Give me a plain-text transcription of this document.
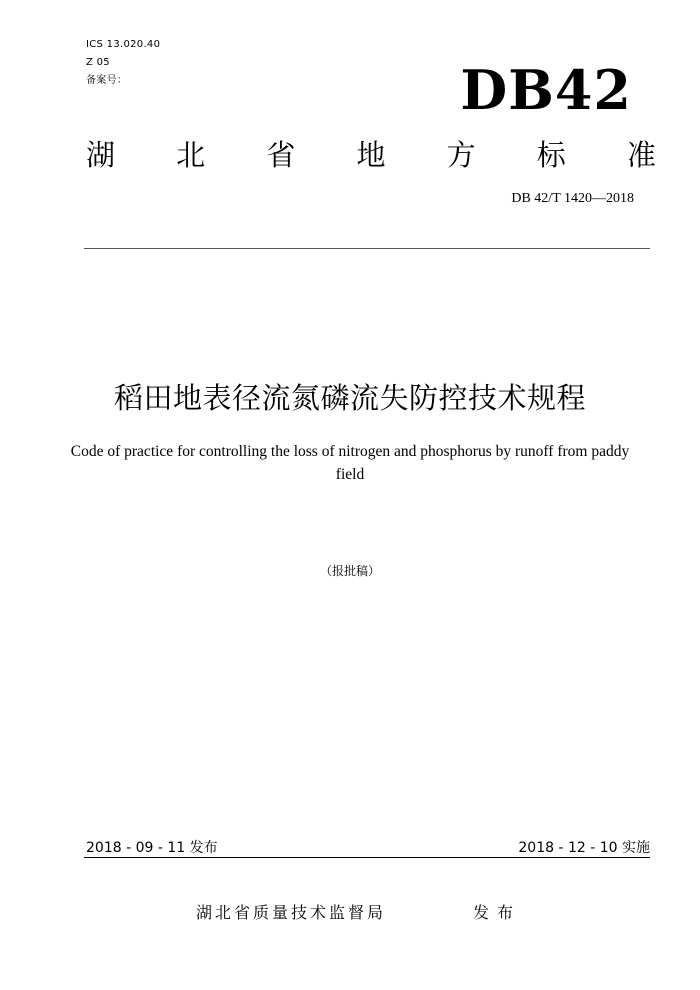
ICS 13.020.40
Z 05
备案号：	DB42
湖 北 省 地 方 标 准
DB 42/T 1420—2018
稻田地表径流氮磷流失防控技术规程
Code of practice for controlling the loss of nitrogen and phosphorus by runoff from paddy field
（报批稿）
2018 - 09 - 11 发布	2018 - 12 - 10 实施
湖北省质量技术监督局	发布
